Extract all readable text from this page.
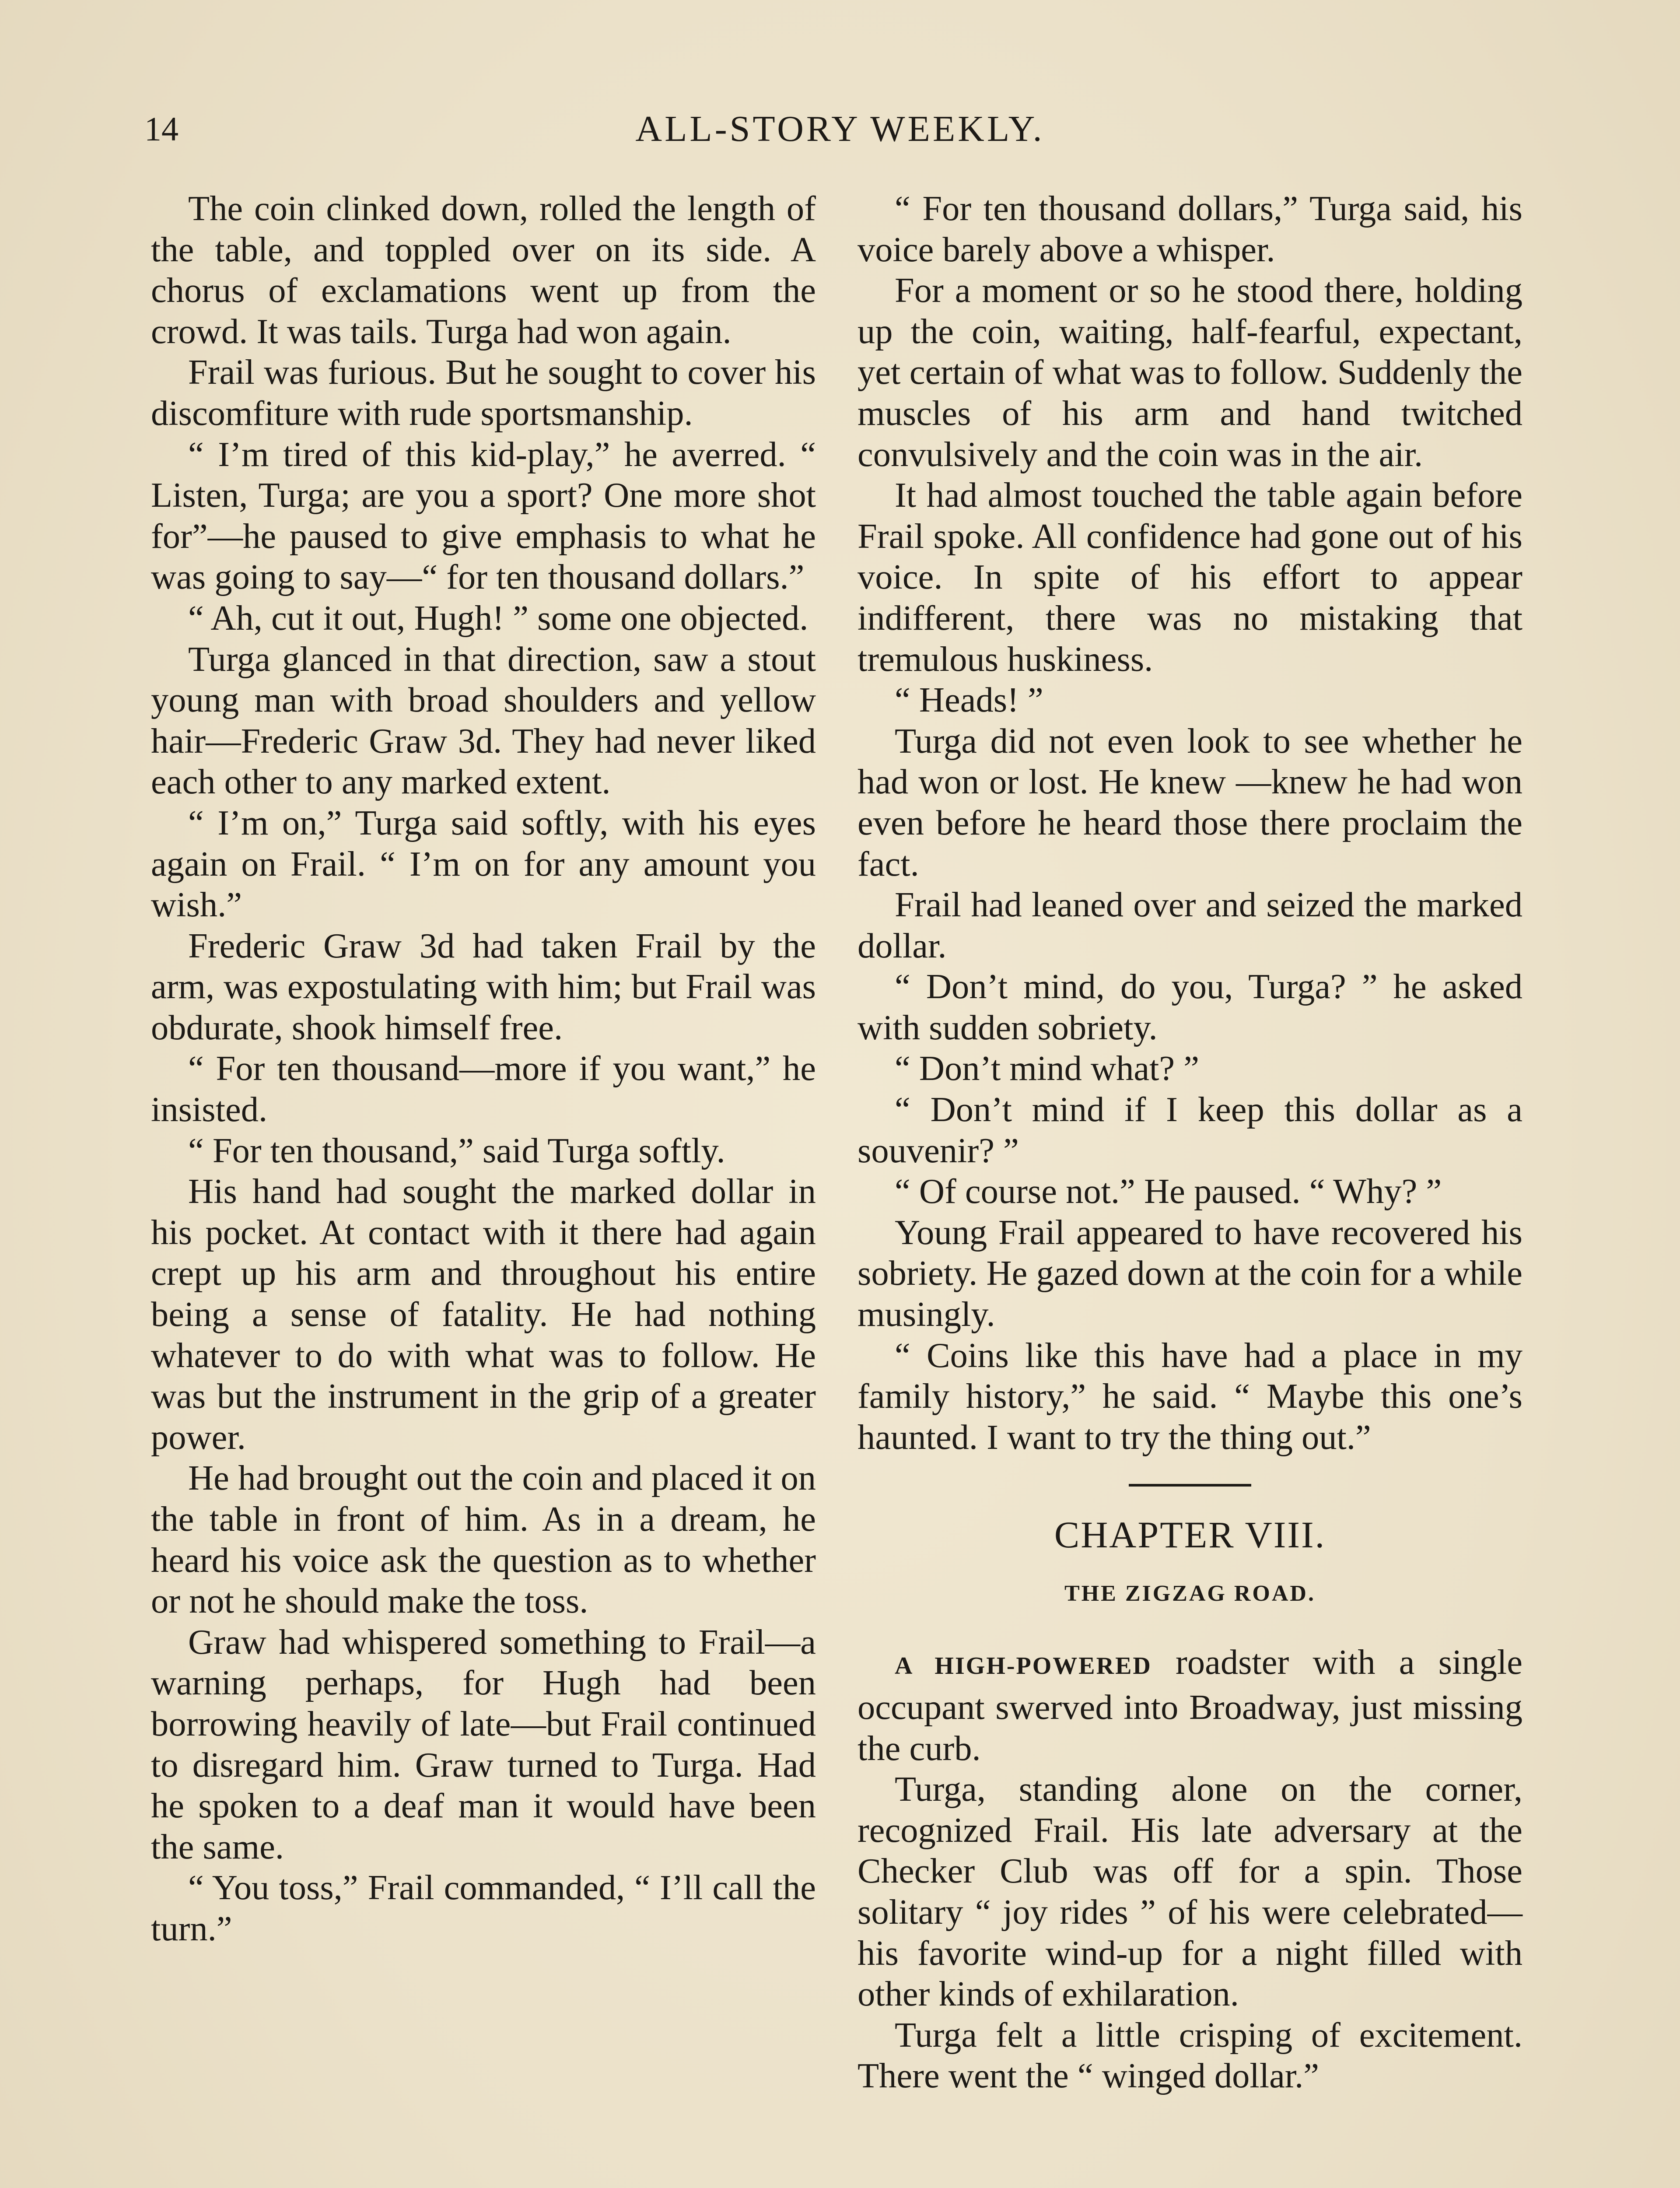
14	ALL-STORY WEEKLY.

The coin clinked down, rolled the length of the table, and toppled over on its side. A chorus of exclamations went up from the crowd. It was tails. Turga had won again.

Frail was furious. But he sought to cover his discomfiture with rude sportsmanship.

“ I’m tired of this kid-play,” he averred. “ Listen, Turga; are you a sport? One more shot for”—he paused to give emphasis to what he was going to say—“ for ten thousand dollars.”

“ Ah, cut it out, Hugh! ” some one objected.

Turga glanced in that direction, saw a stout young man with broad shoulders and yellow hair—Frederic Graw 3d. They had never liked each other to any marked extent.

“ I’m on,” Turga said softly, with his eyes again on Frail. “ I’m on for any amount you wish.”

Frederic Graw 3d had taken Frail by the arm, was expostulating with him; but Frail was obdurate, shook himself free.

“ For ten thousand—more if you want,” he insisted.

“ For ten thousand,” said Turga softly.

His hand had sought the marked dollar in his pocket. At contact with it there had again crept up his arm and throughout his entire being a sense of fatality. He had nothing whatever to do with what was to follow. He was but the instrument in the grip of a greater power.

He had brought out the coin and placed it on the table in front of him. As in a dream, he heard his voice ask the question as to whether or not he should make the toss.

Graw had whispered something to Frail—a warning perhaps, for Hugh had been borrowing heavily of late—but Frail continued to disregard him. Graw turned to Turga. Had he spoken to a deaf man it would have been the same.

“ You toss,” Frail commanded, “ I’ll call the turn.”

“ For ten thousand dollars,” Turga said, his voice barely above a whisper.

For a moment or so he stood there, holding up the coin, waiting, half-fearful, expectant, yet certain of what was to follow. Suddenly the muscles of his arm and hand twitched convulsively and the coin was in the air.

It had almost touched the table again before Frail spoke. All confidence had gone out of his voice. In spite of his effort to appear indifferent, there was no mistaking that tremulous huskiness.

“ Heads! ”

Turga did not even look to see whether he had won or lost. He knew —knew he had won even before he heard those there proclaim the fact.

Frail had leaned over and seized the marked dollar.

“ Don’t mind, do you, Turga? ” he asked with sudden sobriety.

“ Don’t mind what? ”

“ Don’t mind if I keep this dollar as a souvenir? ”

“ Of course not.” He paused. “ Why? ”

Young Frail appeared to have recovered his sobriety. He gazed down at the coin for a while musingly.

“ Coins like this have had a place in my family history,” he said. “ Maybe this one’s haunted. I want to try the thing out.”

CHAPTER VIII.
THE ZIGZAG ROAD.

A HIGH-POWERED roadster with a single occupant swerved into Broadway, just missing the curb.

Turga, standing alone on the corner, recognized Frail. His late adversary at the Checker Club was off for a spin. Those solitary “ joy rides ” of his were celebrated—his favorite wind-up for a night filled with other kinds of exhilaration.

Turga felt a little crisping of excitement. There went the “ winged dollar.”
